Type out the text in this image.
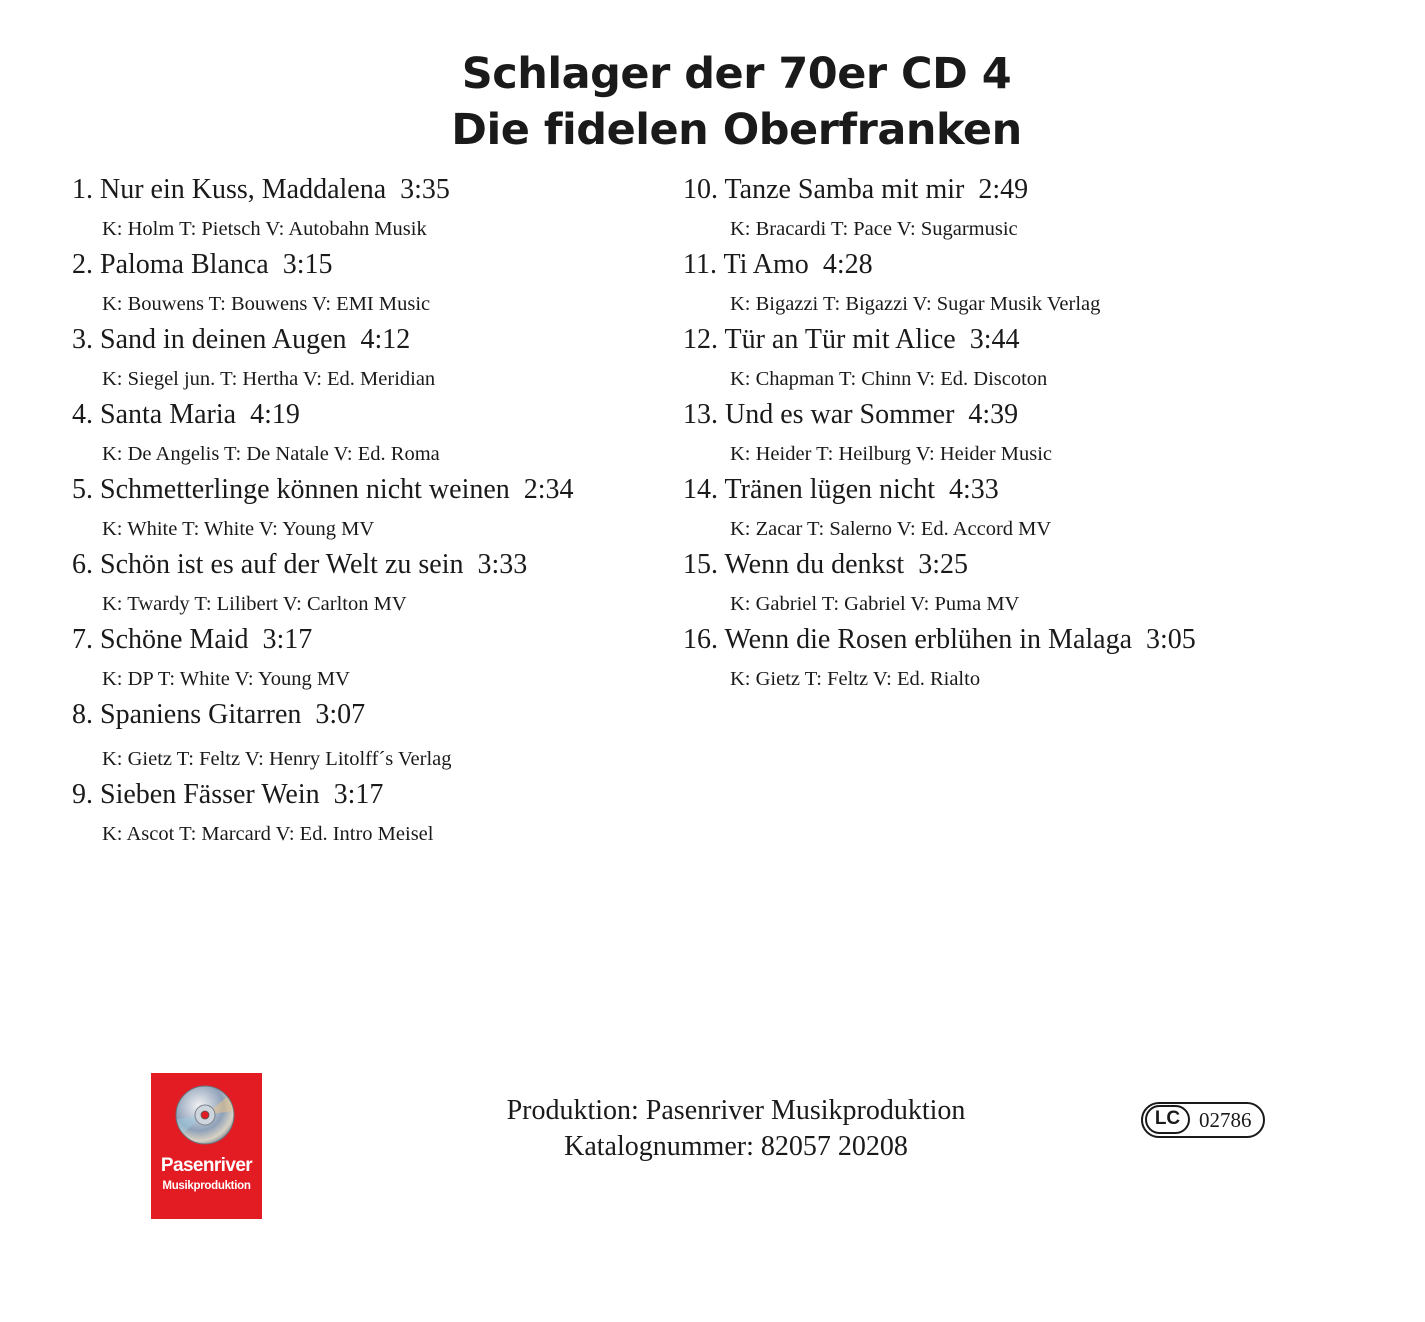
Schlager der 70er CD 4
Die fidelen Oberfranken
1. Nur ein Kuss, Maddalena 3:35
K: Holm T: Pietsch V: Autobahn Musik
2. Paloma Blanca 3:15
K: Bouwens T: Bouwens V: EMI Music
3. Sand in deinen Augen 4:12
K: Siegel jun. T: Hertha V: Ed. Meridian
4. Santa Maria 4:19
K: De Angelis T: De Natale V: Ed. Roma
5. Schmetterlinge können nicht weinen 2:34
K: White T: White V: Young MV
6. Schön ist es auf der Welt zu sein 3:33
K: Twardy T: Lilibert V: Carlton MV
7. Schöne Maid 3:17
K: DP T: White V: Young MV
8. Spaniens Gitarren 3:07
K: Gietz T: Feltz V: Henry Litolff´s Verlag
9. Sieben Fässer Wein 3:17
K: Ascot T: Marcard V: Ed. Intro Meisel
10. Tanze Samba mit mir 2:49
K: Bracardi T: Pace V: Sugarmusic
11. Ti Amo 4:28
K: Bigazzi T: Bigazzi V: Sugar Musik Verlag
12. Tür an Tür mit Alice 3:44
K: Chapman T: Chinn V: Ed. Discoton
13. Und es war Sommer 4:39
K: Heider T: Heilburg V: Heider Music
14. Tränen lügen nicht 4:33
K: Zacar T: Salerno V: Ed. Accord MV
15. Wenn du denkst 3:25
K: Gabriel T: Gabriel V: Puma MV
16. Wenn die Rosen erblühen in Malaga 3:05
K: Gietz T: Feltz V: Ed. Rialto
Pasenriver
Musikproduktion
Produktion: Pasenriver Musikproduktion
Katalognummer: 82057 20208
LC 02786
